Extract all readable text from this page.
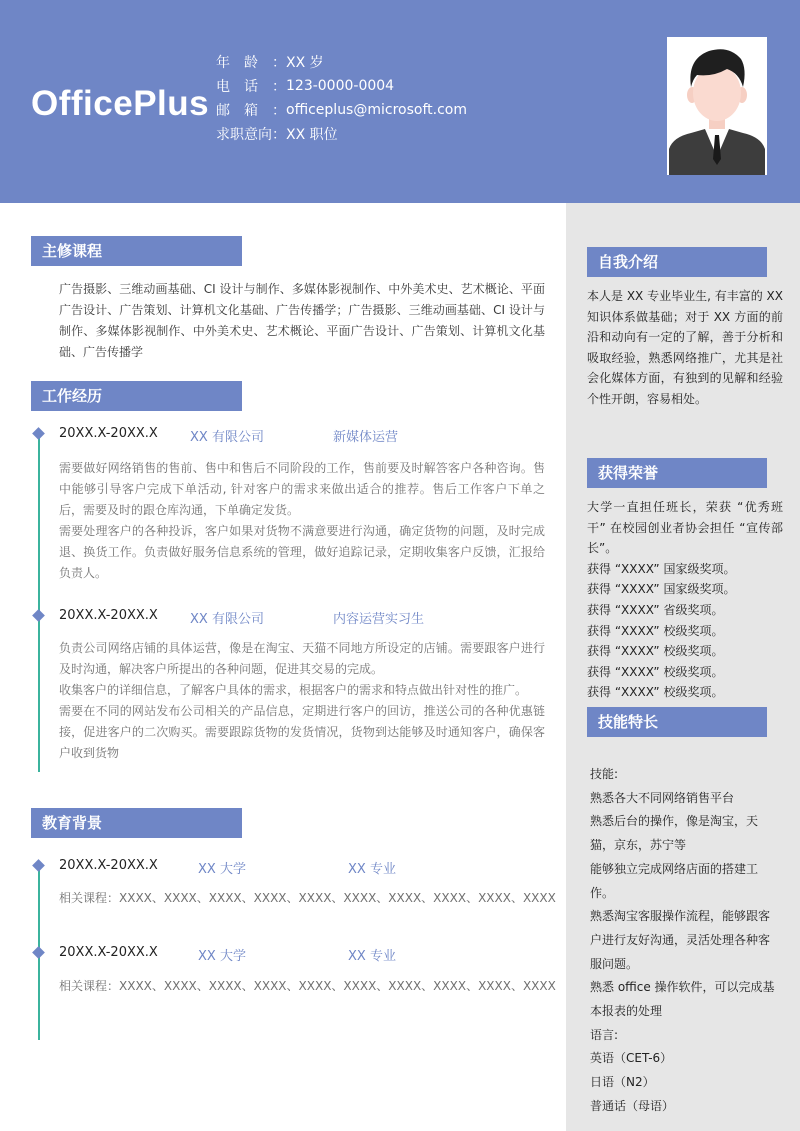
OfficePlus
年龄： XX 岁
电话： 123-0000-0004
邮箱： officeplus@microsoft.com
求职意向： XX 职位
主修课程
广告摄影、三维动画基础、CI 设计与制作、多媒体影视制作、中外美术史、艺术概论、平面广告设计、广告策划、计算机文化基础、广告传播学；广告摄影、三维动画基础、CI 设计与制作、多媒体影视制作、中外美术史、艺术概论、平面广告设计、广告策划、计算机文化基础、广告传播学
工作经历
20XX.X-20XX.X XX 有限公司	新媒体运营
需要做好网络销售的售前、售中和售后不同阶段的工作，售前要及时解答客户各种咨询。售中能够引导客户完成下单活动, 针对客户的需求来做出适合的推荐。售后工作客户下单之后，需要及时的跟仓库沟通，下单确定发货。
需要处理客户的各种投诉，客户如果对货物不满意要进行沟通，确定货物的问题，及时完成退、换货工作。负责做好服务信息系统的管理，做好追踪记录，定期收集客户反馈，汇报给负责人。
20XX.X-20XX.X XX 有限公司	内容运营实习生
负责公司网络店铺的具体运营，像是在淘宝、天猫不同地方所设定的店铺。需要跟客户进行及时沟通，解决客户所提出的各种问题，促进其交易的完成。
收集客户的详细信息，了解客户具体的需求，根据客户的需求和特点做出针对性的推广。
需要在不同的网站发布公司相关的产品信息，定期进行客户的回访，推送公司的各种优惠链接，促进客户的二次购买。需要跟踪货物的发货情况，货物到达能够及时通知客户，确保客户收到货物
教育背景
20XX.X-20XX.X	XX 大学	XX 专业
相关课程：XXXX、XXXX、XXXX、XXXX、XXXX、XXXX、XXXX、XXXX、XXXX、XXXX
20XX.X-20XX.X	XX 大学	XX 专业
相关课程：XXXX、XXXX、XXXX、XXXX、XXXX、XXXX、XXXX、XXXX、XXXX、XXXX
自我介绍
本人是 XX 专业毕业生, 有丰富的 XX 知识体系做基础；对于 XX 方面的前沿和动向有一定的了解，善于分析和吸取经验，熟悉网络推广，尤其是社会化媒体方面，有独到的见解和经验个性开朗，容易相处。
获得荣誉
大学一直担任班长，荣获 “优秀班干” 在校园创业者协会担任 “宣传部长”。
获得 “XXXX” 国家级奖项。
获得 “XXXX” 国家级奖项。
获得 “XXXX” 省级奖项。
获得 “XXXX” 校级奖项。
获得 “XXXX” 校级奖项。
获得 “XXXX” 校级奖项。
获得 “XXXX” 校级奖项。
技能特长
技能:
熟悉各大不同网络销售平台
熟悉后台的操作，像是淘宝，天猫，京东，苏宁等
能够独立完成网络店面的搭建工作。
熟悉淘宝客服操作流程，能够跟客户进行友好沟通，灵活处理各种客服问题。
熟悉 office 操作软件，可以完成基本报表的处理
语言:
英语（CET-6）
日语（N2）
普通话（母语）
